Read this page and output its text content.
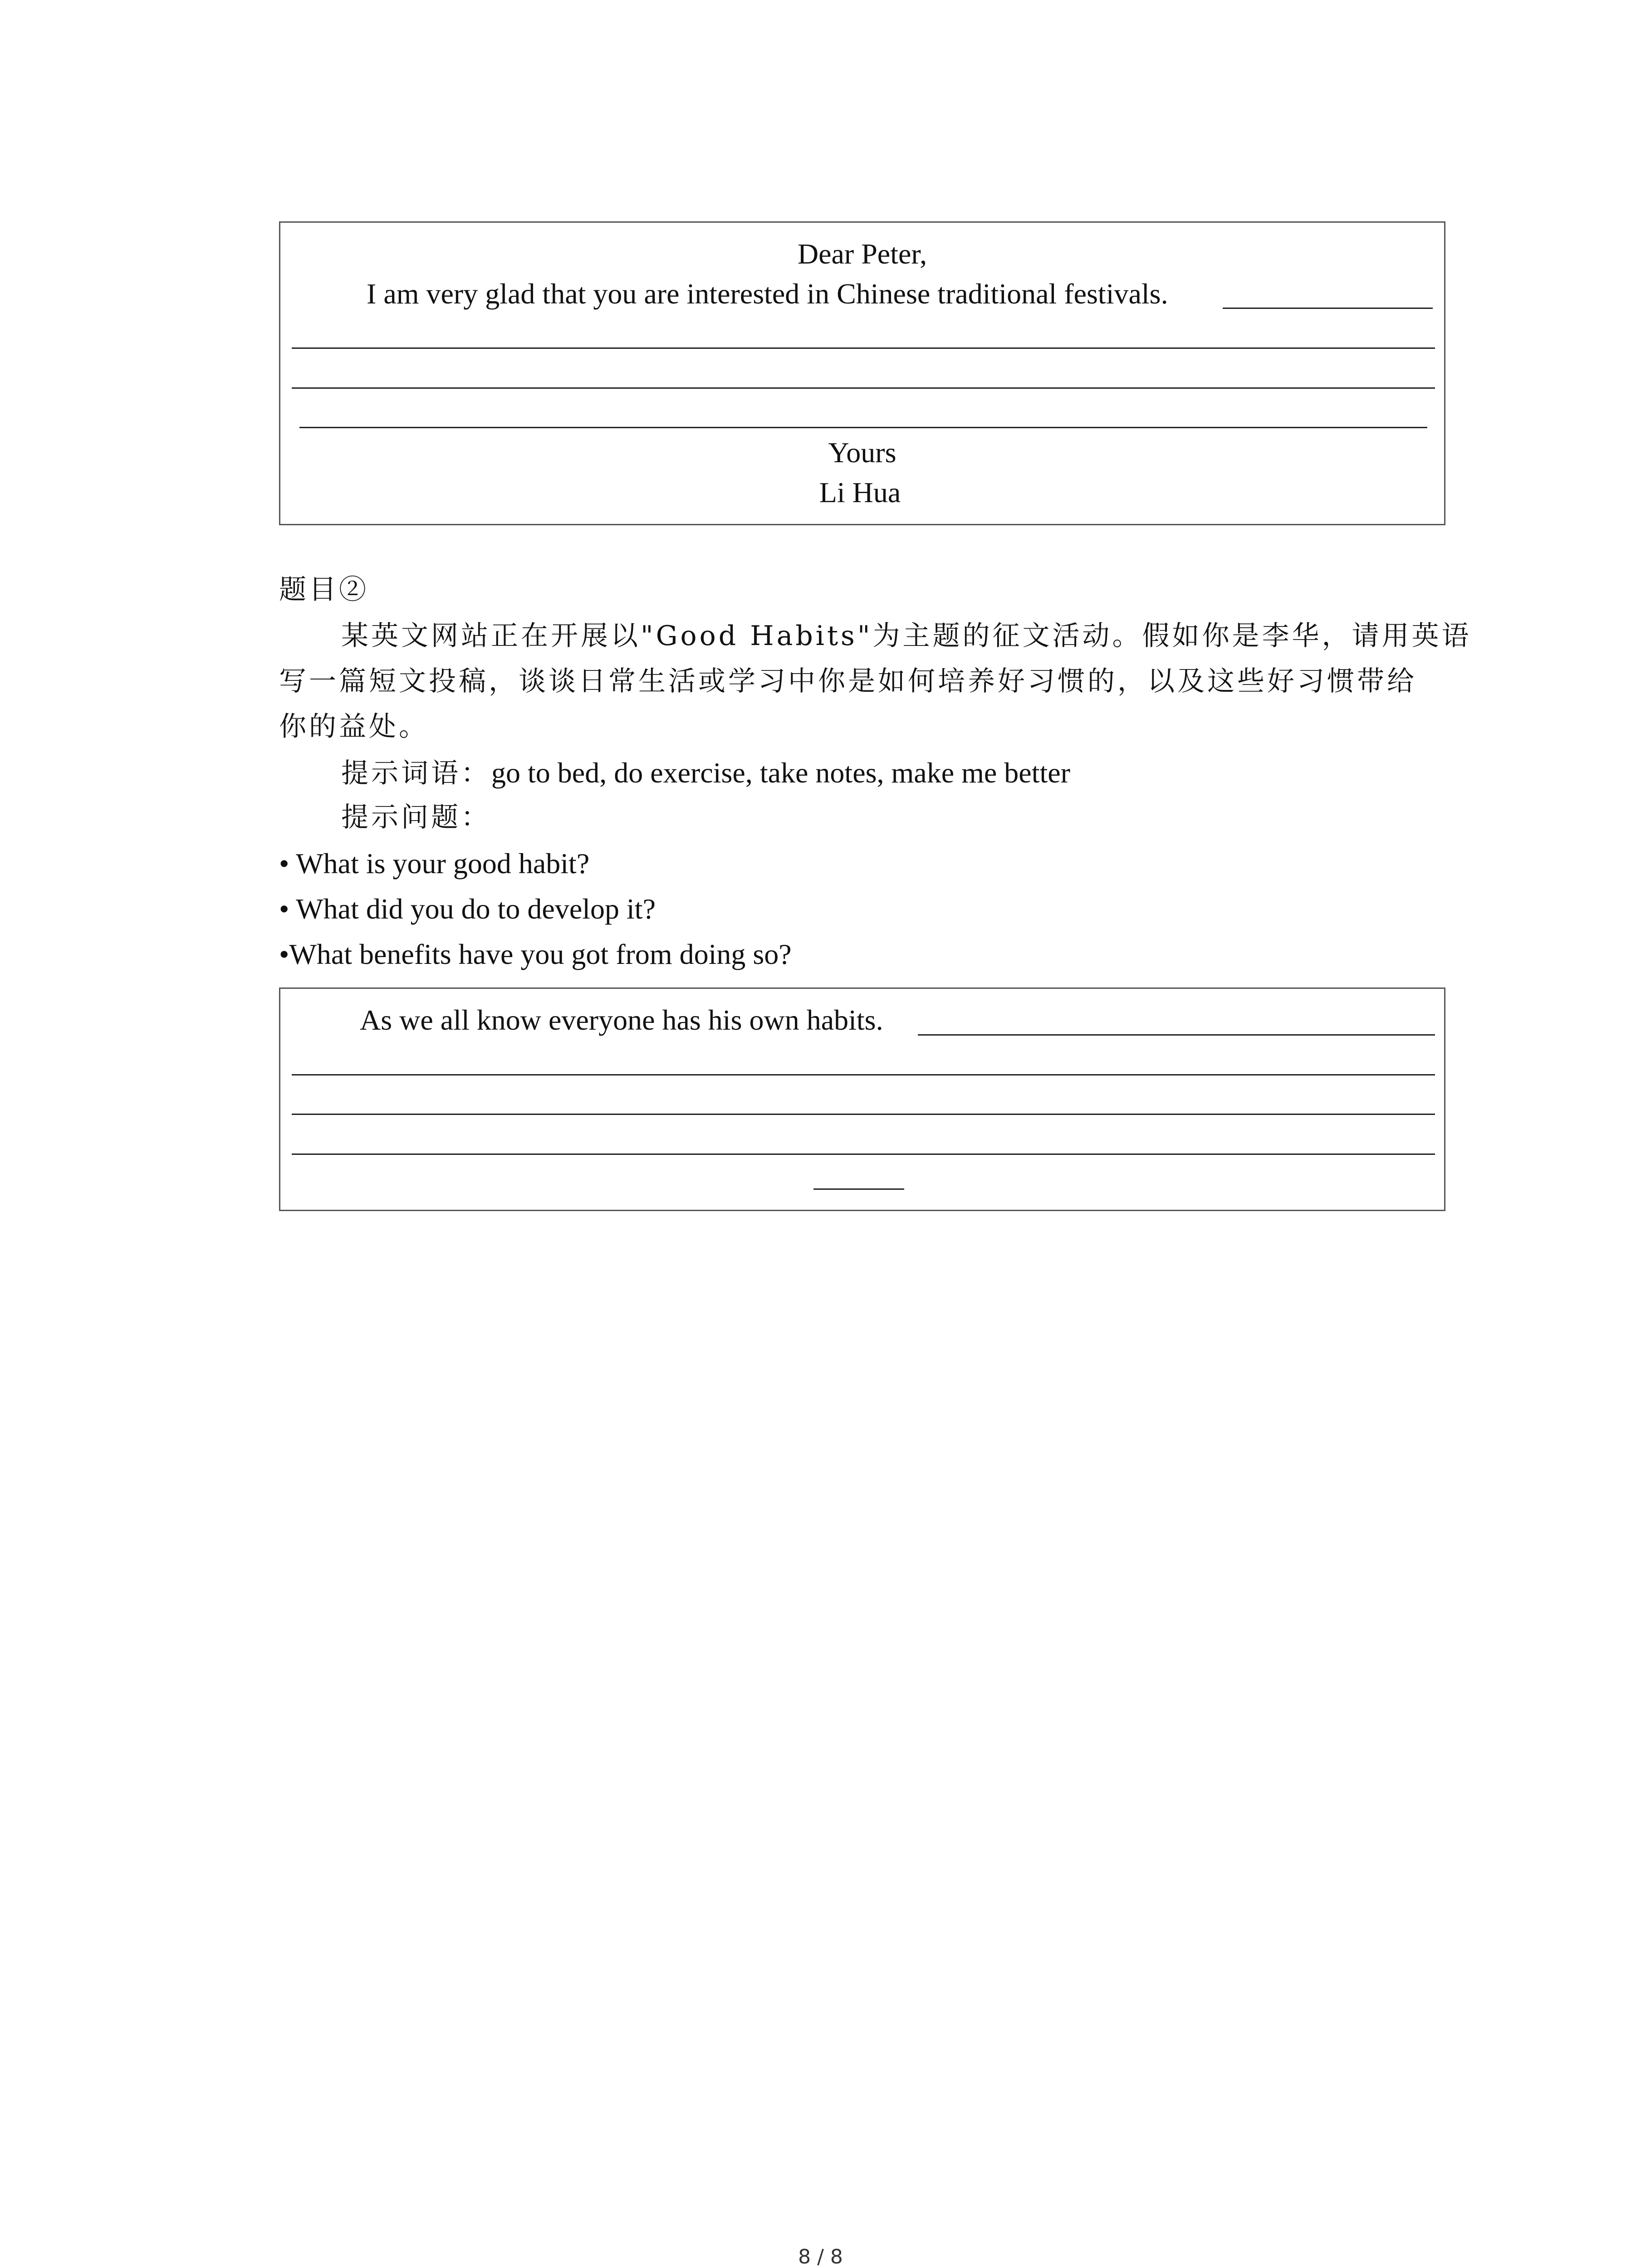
Dear Peter,
I am very glad that you are interested in Chinese traditional festivals.
Yours
Li Hua
题目②
某英文网站正在开展以"Good Habits"为主题的征文活动。假如你是李华，请用英语
写一篇短文投稿，谈谈日常生活或学习中你是如何培养好习惯的，以及这些好习惯带给
你的益处。
提示词语： go to bed, do exercise, take notes, make me better
提示问题：
• What is your good habit?
• What did you do to develop it?
•What benefits have you got from doing so?
As we all know everyone has his own habits.
8 / 8
